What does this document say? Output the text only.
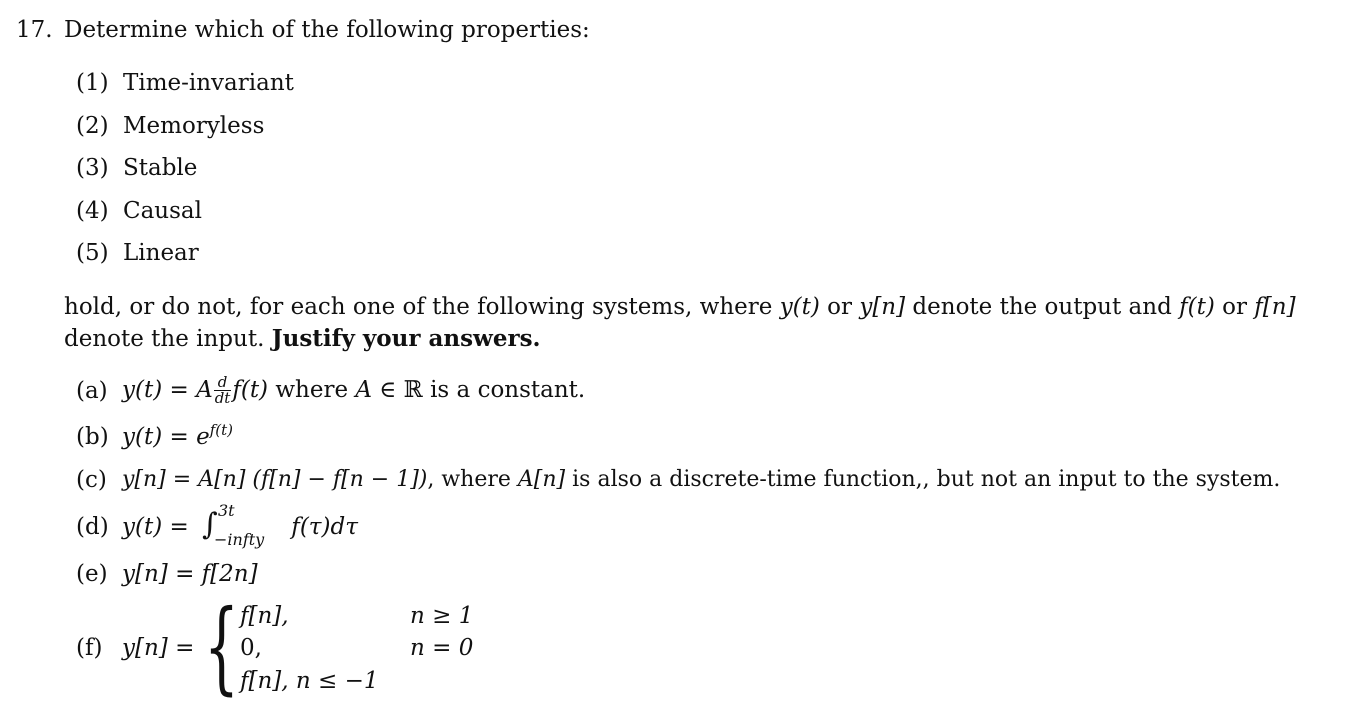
17. Determine which of the following properties:
(1) Time-invariant
(2) Memoryless
(3) Stable
(4) Causal
(5) Linear
hold, or do not, for each one of the following systems, where y(t) or y[n] denote the output and f(t) or f[n]
denote the input. Justify your answers.
(a) y(t) = A $\frac{d}{dt} f(t)$ where A ∈ ℝ is a constant.
(b) $y(t) = e^{f(t)}$
(c) y[n] = A[n] (f[n] − f[n − 1]), where A[n] is also a discrete-time function,, but not an input to the system.
(d) y(t) = ∫ 3t
−infty f(τ)dτ
(e) y[n] = f[2n]
(f) y[n] = { f[n],	n ≥ 1
0,	n = 0
f[n], n ≤ −1
